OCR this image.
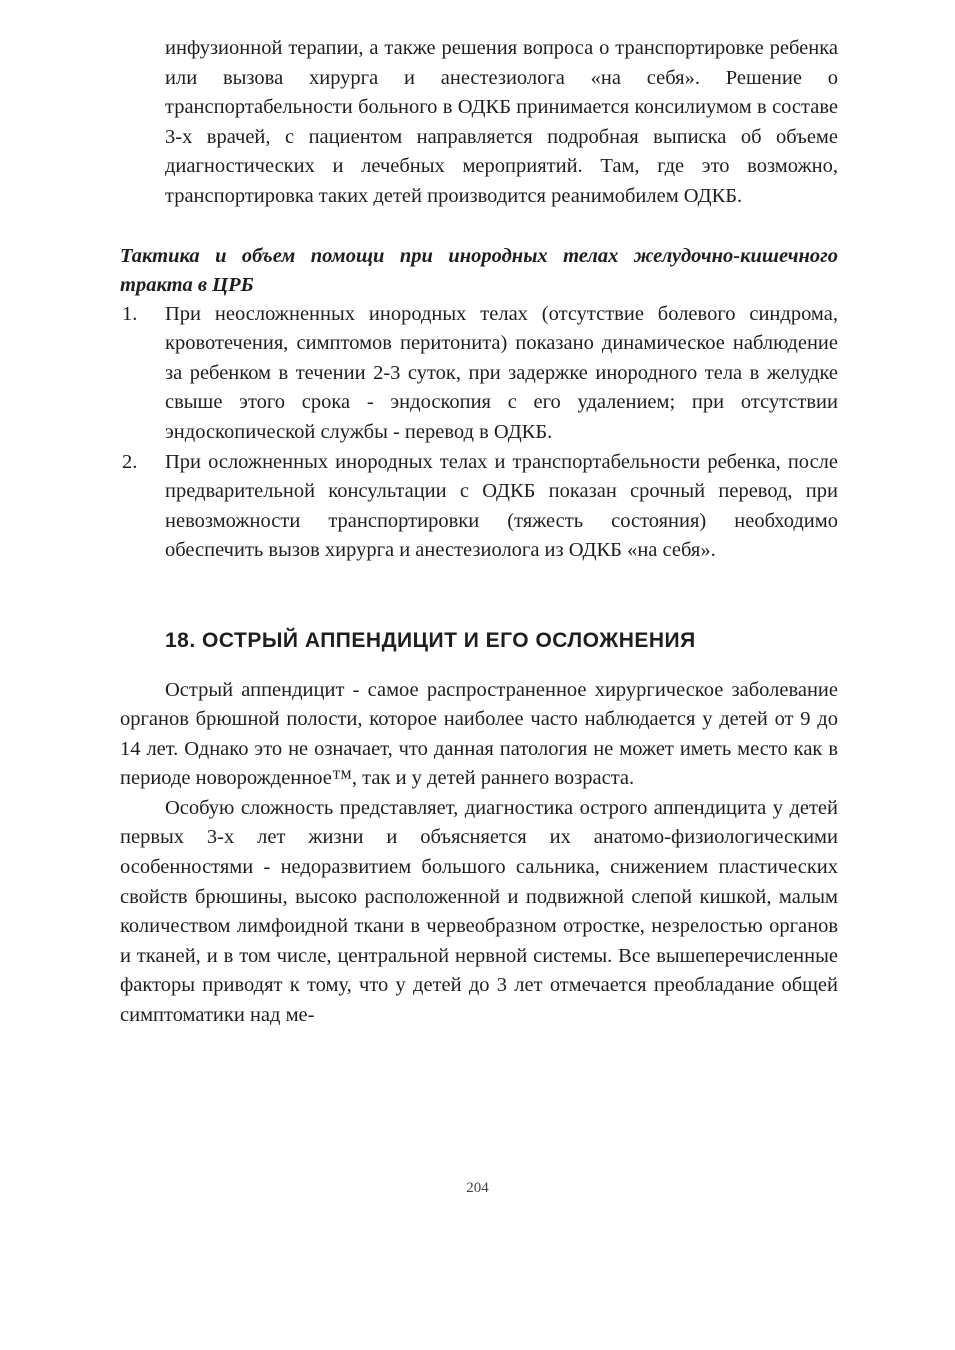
инфузионной терапии, а также решения вопроса о транспортировке ребенка или вызова хирурга и анестезиолога «на себя». Решение о транспортабельности больного в ОДКБ принимается консилиумом в составе 3-х врачей, с пациентом направляется подробная выписка об объеме диагностических и лечебных мероприятий. Там, где это возможно, транспортировка таких детей производится реанимобилем ОДКБ.

Тактика и объем помощи при инородных телах желудочно-кишечного тракта в ЦРБ

1.	При неосложненных инородных телах (отсутствие болевого синдрома, кровотечения, симптомов перитонита) показано динамическое наблюдение за ребенком в течении 2-3 суток, при задержке инородного тела в желудке свыше этого срока - эндоскопия с его удалением; при отсутствии эндоскопической службы - перевод в ОДКБ.
2.	При осложненных инородных телах и транспортабельности ребенка, после предварительной консультации с ОДКБ показан срочный перевод, при невозможности транспортировки (тяжесть состояния) необходимо обеспечить вызов хирурга и анестезиолога из ОДКБ «на себя».

18. ОСТРЫЙ АППЕНДИЦИТ И ЕГО ОСЛОЖНЕНИЯ

Острый аппендицит - самое распространенное хирургическое заболевание органов брюшной полости, которое наиболее часто наблюдается у детей от 9 до 14 лет. Однако это не означает, что данная патология не может иметь место как в периоде новорожденное™, так и у детей раннего возраста.

Особую сложность представляет, диагностика острого аппендицита у детей первых 3-х лет жизни и объясняется их анатомо-физиологическими особенностями - недоразвитием большого сальника, снижением пластических свойств брюшины, высоко расположенной и подвижной слепой кишкой, малым количеством лимфоидной ткани в червеобразном отростке, незрелостью органов и тканей, и в том числе, центральной нервной системы. Все вышеперечисленные факторы приводят к тому, что у детей до 3 лет отмечается преобладание общей симптоматики над ме-

204
